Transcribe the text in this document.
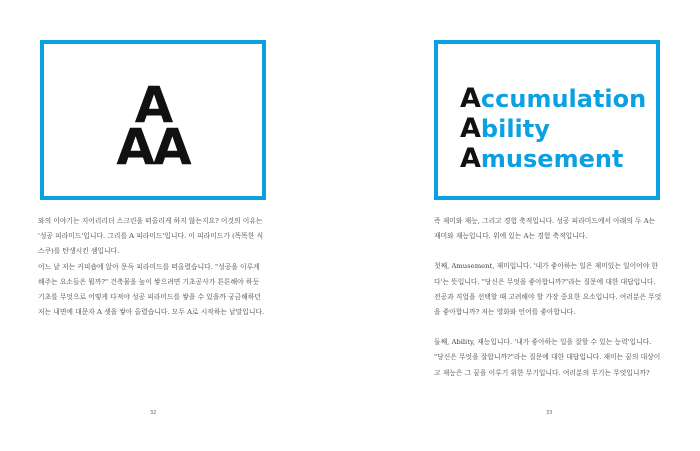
A
AA

와의 이야기는 지어리리더 스크린을 떠올리게 하지 않는지요? 이것의 이유는 '성공 피라미드'입니다. 그리를 A 피라미드'입니다. 이 피라미드가 (똑똑한 식스쿠)를 탄생시킨 셈입니다.

어느 날 저는 커피숍에 앉아 문득 피라미드를 떠올렸습니다. "성공을 이루게 해주는 요소들은 뭘까?" 건축물을 높이 쌓으려면 기초공사가 튼튼해야 하듯 기초를 무엇으로 어떻게 다져야 성공 피라미드를 쌓을 수 있을까 궁금해하던 저는 내면에 대문자 A 셋을 쌓아 올렸습니다. 모두 A로 시작하는 낱말입니다.

32
Accumulation
Ability
Amusement

즉 재미와 재능, 그리고 경험 축적입니다. 성공 피라미드에서 아래의 두 A는 재미와 재능입니다. 위에 있는 A는 경험 축적입니다.

첫째, Amusement, 재미입니다. '내가 좋아하는 일은 재미있는 일이어야 한다'는 뜻입니다. "당신은 무엇을 좋아합니까?"라는 질문에 대한 대답입니다. 전공과 직업을 선택할 때 고려해야 할 가장 중요한 요소입니다. 여러분은 무엇을 좋아합니까? 저는 영화와 언어를 좋아합니다.

둘째, Ability, 재능입니다. '내가 좋아하는 일을 잘할 수 있는 능력'입니다. "당신은 무엇을 잘합니까?"라는 질문에 대한 대답입니다. 재미는 꿈의 대상이고 재능은 그 꿈을 이루기 위한 무기입니다. 여러분의 무기는 무엇입니까?

33
